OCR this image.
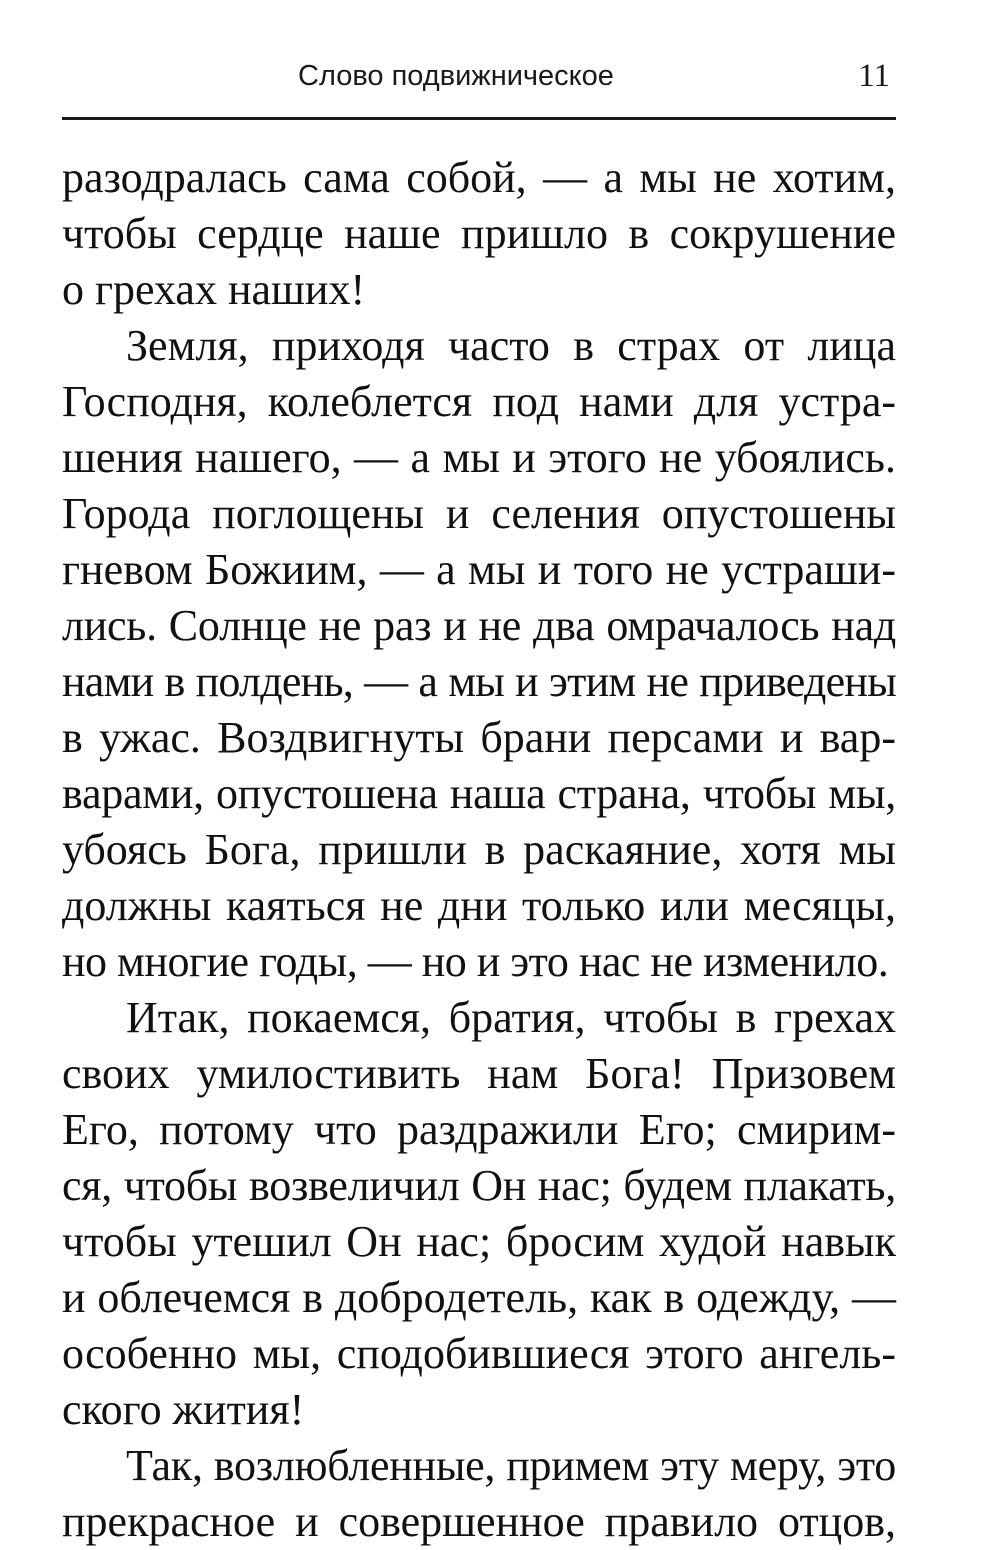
Слово подвижническое	11
разодралась сама собой, — а мы не хотим,
чтобы сердце наше пришло в сокрушение
о грехах наших!
Земля, приходя часто в страх от лица
Господня, колеблется под нами для устра-
шения нашего, — а мы и этого не убоялись.
Города поглощены и селения опустошены
гневом Божиим, — а мы и того не устраши-
лись. Солнце не раз и не два омрачалось над
нами в полдень, — а мы и этим не приведены
в ужас. Воздвигнуты брани персами и вар-
варами, опустошена наша страна, чтобы мы,
убоясь Бога, пришли в раскаяние, хотя мы
должны каяться не дни только или месяцы,
но многие годы, — но и это нас не изменило.
Итак, покаемся, братия, чтобы в грехах
своих умилостивить нам Бога! Призовем
Его, потому что раздражили Его; смирим-
ся, чтобы возвеличил Он нас; будем плакать,
чтобы утешил Он нас; бросим худой навык
и облечемся в добродетель, как в одежду, —
особенно мы, сподобившиеся этого ангель-
ского жития!
Так, возлюбленные, примем эту меру, это
прекрасное и совершенное правило отцов,
